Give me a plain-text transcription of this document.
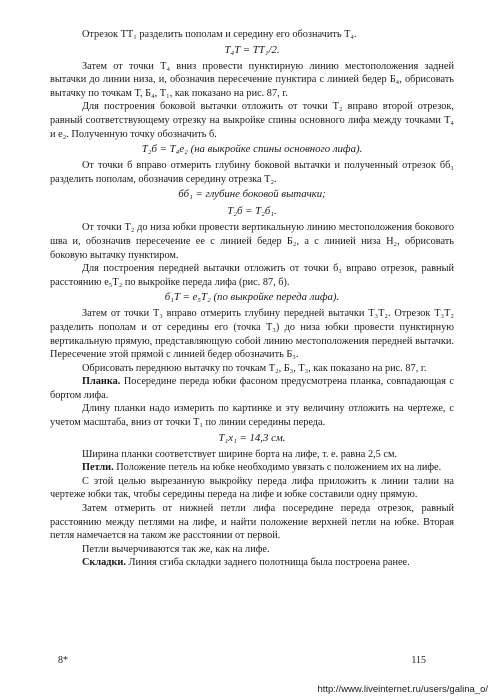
Отрезок TT₁ разделить пополам и середину его обозначить T₄.

T₄T = TT₁/2.

Затем от точки T₄ вниз провести пунктирную линию местоположения задней вытачки до линии низа, и, обозначив пересечение пунктира с линией бедер Б₄, обрисовать вытачку по точкам T, Б₄, T₁, как показано на рис. 87, г.

Для построения боковой вытачки отложить от точки T₂ вправо второй отрезок, равный соответствующему отрезку на выкройке спины основного лифа между точками T₄ и e₂. Полученную точку обозначить б.

T₂б = T₄e₂ (на выкройке спины основного лифа).

От точки б вправо отмерить глубину боковой вытачки и полученный отрезок бб₁ разделить пополам, обозначив середину отрезка T₂.

бб₁ = глубине боковой вытачки;
T₂б = T₂б₁.

От точки T₂ до низа юбки провести вертикальную линию местоположения бокового шва и, обозначив пересечение ее с линией бедер Б₂, а с линией низа H₂, обрисовать боковую вытачку пунктиром.

Для построения передней вытачки отложить от точки б₁ вправо отрезок, равный расстоянию e₅T₂ по выкройке переда лифа (рис. 87, б).

б₁T = e₅T₂ (по выкройке переда лифа).

Затем от точки T₃ вправо отмерить глубину передней вытачки T₃T₂. Отрезок T₃T₂ разделить пополам и от середины его (точка T₃) до низа юбки провести пунктирную вертикальную прямую, представляющую собой линию местоположения передней вытачки. Пересечение этой прямой с линией бедер обозначить Б₃.

Обрисовать переднюю вытачку по точкам T₂, Б₃, T₃, как показано на рис. 87, г.

Планка. Посередине переда юбки фасоном предусмотрена планка, совпадающая с бортом лифа.

Длину планки надо измерить по картинке и эту величину отложить на чертеже, с учетом масштаба, вниз от точки T₁ по линии середины переда.

T₁x₁ = 14,3 см.

Ширина планки соответствует ширине борта на лифе, т. е. равна 2,5 см.

Петли. Положение петель на юбке необходимо увязать с положением их на лифе.

С этой целью вырезанную выкройку переда лифа приложить к линии талии на чертеже юбки так, чтобы середины переда на лифе и юбке составили одну прямую.

Затем отмерить от нижней петли лифа посередине переда отрезок, равный расстоянию между петлями на лифе, и найти положение верхней петли на юбке. Вторая петля намечается на таком же расстоянии от первой.

Петли вычерчиваются так же, как на лифе.

Складки. Линия сгиба складки заднего полотнища была построена ранее.

8*	115
http://www.liveinternet.ru/users/galina_o/
